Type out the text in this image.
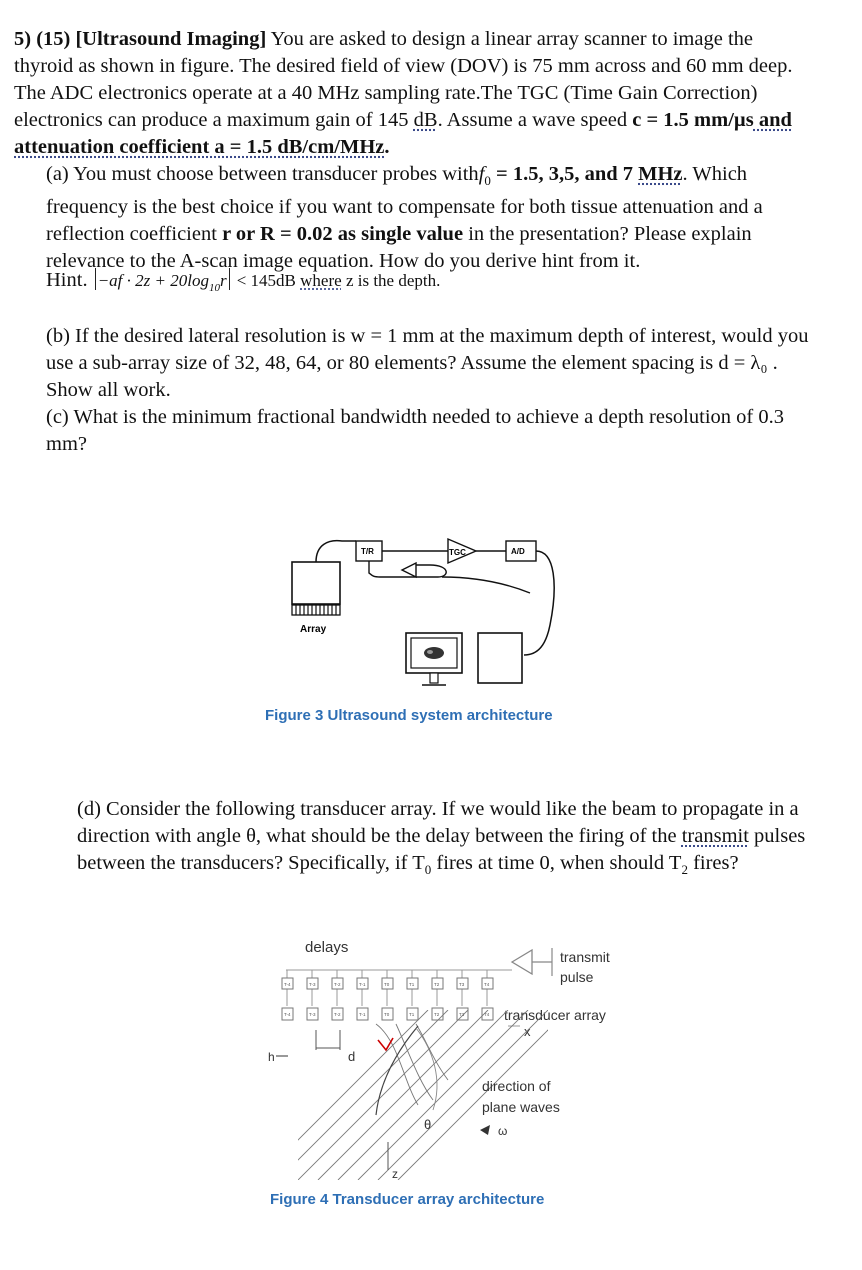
5) (15) [Ultrasound Imaging] You are asked to design a linear array scanner to image the thyroid as shown in figure. The desired field of view (DOV) is 75 mm across and 60 mm deep. The ADC electronics operate at a 40 MHz sampling rate.The TGC (Time Gain Correction) electronics can produce a maximum gain of 145 dB. Assume a wave speed c = 1.5 mm/µs and attenuation coefficient a = 1.5 dB/cm/MHz.
(a) You must choose between transducer probes withf$_0$ = 1.5, 3,5, and 7 MHz. Which frequency is the best choice if you want to compensate for both tissue attenuation and a reflection coefficient r or R = 0.02 as single value in the presentation? Please explain relevance to the A-scan image equation. How do you derive hint from it.
Hint. $-af \cdot 2z + 20\log_{10}r < 145dB$ where z is the depth.
(b) If the desired lateral resolution is w = 1 mm at the maximum depth of interest, would you use a sub-array size of 32, 48, 64, or 80 elements? Assume the element spacing is d = λ₀ . Show all work.
(c) What is the minimum fractional bandwidth needed to achieve a depth resolution of 0.3 mm?
Array
T/R	TGC	A/D
Figure 3 Ultrasound system architecture
(d) Consider the following transducer array. If we would like the beam to propagate in a direction with angle θ, what should be the delay between the firing of the transmit pulses between the transducers? Specifically, if $T_0$ fires at time 0, when should $T_2$ fires?
delays
transmit
pulse
T-4	T-3	T-2	T-1	T0	T1	T2	T3	T4
T-4	T-3	T-2	T-1	T0	T1	T2	T3	T4 transducer array
x
h	d
θ
z
direction of
plane waves
ω
Figure 4 Transducer array architecture
